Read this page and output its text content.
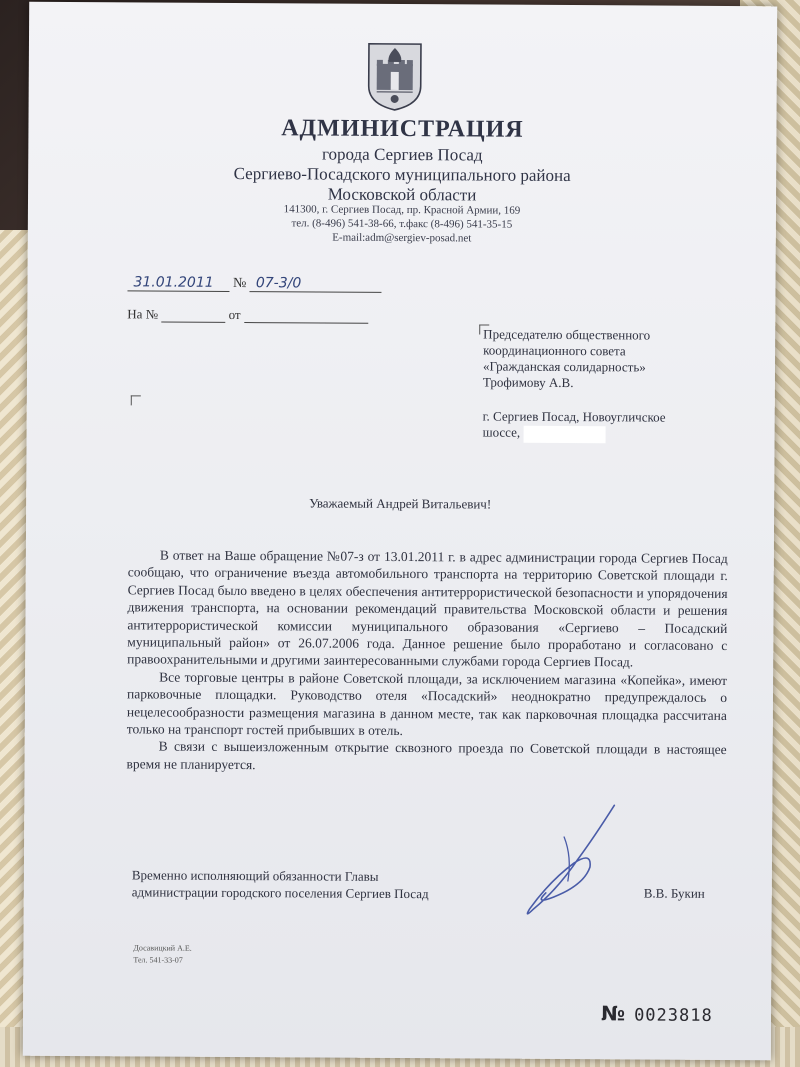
АДМИНИСТРАЦИЯ
города Сергиев Посад
Сергиево-Посадского муниципального района
Московской области
141300, г. Сергиев Посад, пр. Красной Армии, 169
тел. (8-496) 541-38-66, т.факс (8-496) 541-35-15
E-mail:adm@sergiev-posad.net
31.01.2011 № 07-3/0
На №	от
Председателю общественного
координационного совета
«Гражданская солидарность»
Трофимову А.В.
г. Сергиев Посад, Новоугличское
шоссе,
Уважаемый Андрей Витальевич!

В ответ на Ваше обращение №07-з от 13.01.2011 г. в адрес администрации города Сергиев Посад сообщаю, что ограничение въезда автомобильного транспорта на территорию Советской площади г. Сергиев Посад было введено в целях обеспечения антитеррористической безопасности и упорядочения движения транспорта, на основании рекомендаций правительства Московской области и решения антитеррористической комиссии муниципального образования «Сергиево – Посадский муниципальный район» от 26.07.2006 года. Данное решение было проработано и согласовано с правоохранительными и другими заинтересованными службами города Сергиев Посад.

Все торговые центры в районе Советской площади, за исключением магазина «Копейка», имеют парковочные площадки. Руководство отеля «Посадский» неоднократно предупреждалось о нецелесообразности размещения магазина в данном месте, так как парковочная площадка рассчитана только на транспорт гостей прибывших в отель.

В связи с вышеизложенным открытие сквозного проезда по Советской площади в настоящее время не планируется.

Временно исполняющий обязанности Главы
администрации городского поселения Сергиев Посад	В.В. Букин
Досавицкий А.Е.
Тел. 541-33-07
№ 0023818
